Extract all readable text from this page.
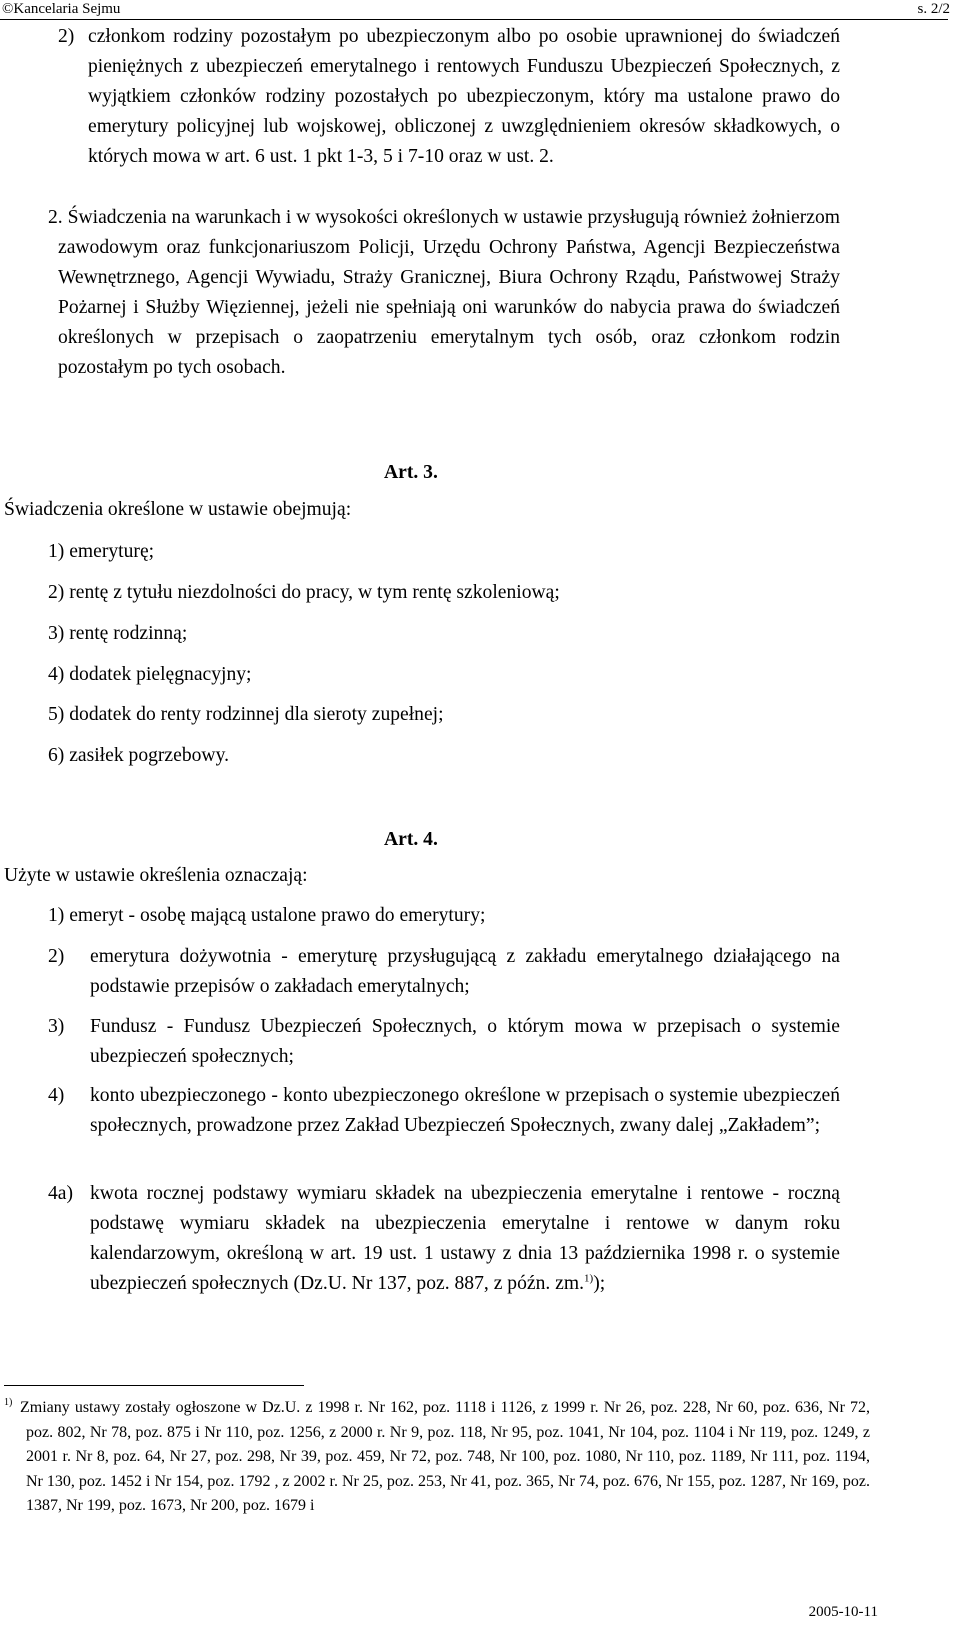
©Kancelaria Sejmu	s. 2/2
2) członkom rodziny pozostałym po ubezpieczonym albo po osobie uprawnionej do świadczeń pieniężnych z ubezpieczeń emerytalnego i rentowych Funduszu Ubezpieczeń Społecznych, z wyjątkiem członków rodziny pozostałych po ubezpieczonym, który ma ustalone prawo do emerytury policyjnej lub wojskowej, obliczonej z uwzględnieniem okresów składkowych, o których mowa w art. 6 ust. 1 pkt 1-3, 5 i 7-10 oraz w ust. 2.
2. Świadczenia na warunkach i w wysokości określonych w ustawie przysługują również żołnierzom zawodowym oraz funkcjonariuszom Policji, Urzędu Ochrony Państwa, Agencji Bezpieczeństwa Wewnętrznego, Agencji Wywiadu, Straży Granicznej, Biura Ochrony Rządu, Państwowej Straży Pożarnej i Służby Więziennej, jeżeli nie spełniają oni warunków do nabycia prawa do świadczeń określonych w przepisach o zaopatrzeniu emerytalnym tych osób, oraz członkom rodzin pozostałym po tych osobach.
Art. 3.
Świadczenia określone w ustawie obejmują:
1) emeryturę;
2) rentę z tytułu niezdolności do pracy, w tym rentę szkoleniową;
3) rentę rodzinną;
4) dodatek pielęgnacyjny;
5) dodatek do renty rodzinnej dla sieroty zupełnej;
6) zasiłek pogrzebowy.
Art. 4.
Użyte w ustawie określenia oznaczają:
1) emeryt - osobę mającą ustalone prawo do emerytury;
2) emerytura dożywotnia - emeryturę przysługującą z zakładu emerytalnego działającego na podstawie przepisów o zakładach emerytalnych;
3) Fundusz - Fundusz Ubezpieczeń Społecznych, o którym mowa w przepisach o systemie ubezpieczeń społecznych;
4) konto ubezpieczonego - konto ubezpieczonego określone w przepisach o systemie ubezpieczeń społecznych, prowadzone przez Zakład Ubezpieczeń Społecznych, zwany dalej „Zakładem”;
4a) kwota rocznej podstawy wymiaru składek na ubezpieczenia emerytalne i rentowe - roczną podstawę wymiaru składek na ubezpieczenia emerytalne i rentowe w danym roku kalendarzowym, określoną w art. 19 ust. 1 ustawy z dnia 13 października 1998 r. o systemie ubezpieczeń społecznych (Dz.U. Nr 137, poz. 887, z późn. zm.$^{1)}$);
1) Zmiany ustawy zostały ogłoszone w Dz.U. z 1998 r. Nr 162, poz. 1118 i 1126, z 1999 r. Nr 26, poz. 228, Nr 60, poz. 636, Nr 72, poz. 802, Nr 78, poz. 875 i Nr 110, poz. 1256, z 2000 r. Nr 9, poz. 118, Nr 95, poz. 1041, Nr 104, poz. 1104 i Nr 119, poz. 1249, z 2001 r. Nr 8, poz. 64, Nr 27, poz. 298, Nr 39, poz. 459, Nr 72, poz. 748, Nr 100, poz. 1080, Nr 110, poz. 1189, Nr 111, poz. 1194, Nr 130, poz. 1452 i Nr 154, poz. 1792 , z 2002 r. Nr 25, poz. 253, Nr 41, poz. 365, Nr 74, poz. 676, Nr 155, poz. 1287, Nr 169, poz. 1387, Nr 199, poz. 1673, Nr 200, poz. 1679 i
2005-10-11
